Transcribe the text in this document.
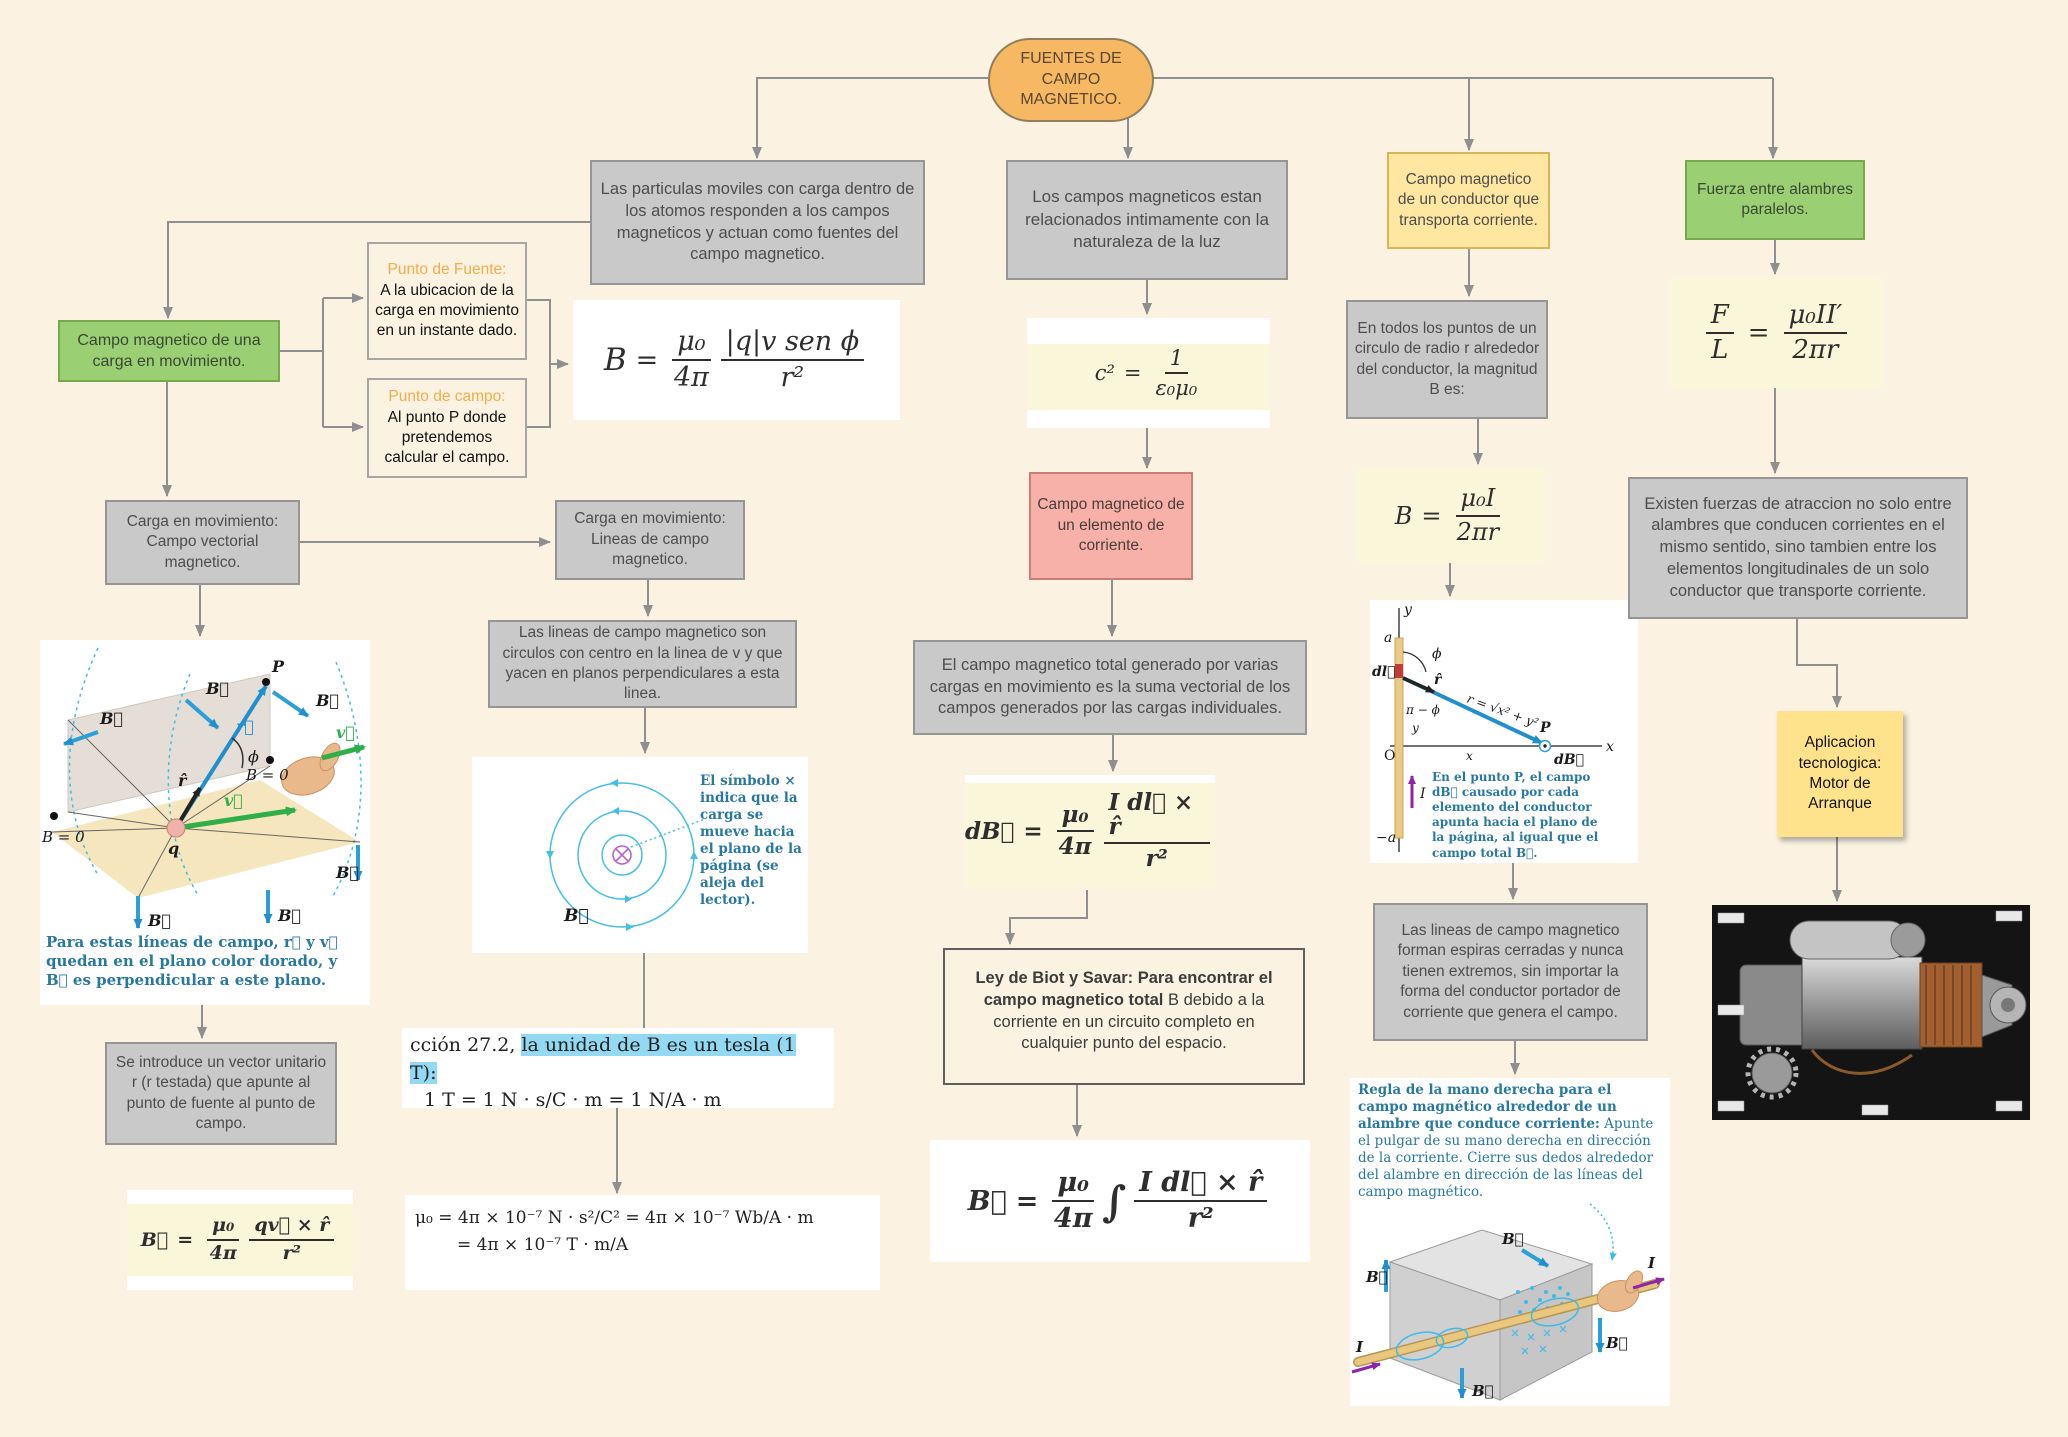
FUENTES DE CAMPO MAGNETICO.
Las particulas moviles con carga dentro de los atomos responden a los campos magneticos y actuan como fuentes del campo magnetico.
Los campos magneticos estan relacionados intimamente con la naturaleza de la luz
Campo magnetico de un conductor que transporta corriente.
Fuerza entre alambres paralelos.
Campo magnetico de una carga en movimiento.
Punto de Fuente:
A la ubicacion de la carga en movimiento en un instante dado.
Punto de campo:
Al punto P donde pretendemos calcular el campo.
$B = \frac{\text{μ₀}}{4\pi} \frac{\text{|q|v sen ϕ}}{\text{r²}}$
Carga en movimiento: Campo vectorial magnetico.
Carga en movimiento: Lineas de campo magnetico.
B⃗
B⃗
B⃗
B⃗	B⃗
B⃗
r⃗
r̂
v⃗
v⃗
ϕ
q
P
B = 0
B = 0
Para estas líneas de campo, r⃗ y v⃗ quedan en el plano color dorado, y B⃗ es perpendicular a este plano.
Se introduce un vector unitario r (r testada) que apunte al punto de fuente al punto de campo.
B⃗ = $\frac{\text{μ₀}}{4\pi} \frac{qv⃗ \times r̂}{\text{r²}}$
Las lineas de campo magnetico son circulos con centro en la linea de v y que yacen en planos perpendiculares a esta linea.
B⃗
El símbolo × indica que la carga se mueve hacia el plano de la página (se aleja del lector).
cción 27.2, la unidad de B es un tesla (1 T):
1 T = 1 N · s/C · m = 1 N/A · m
μ₀ = 4π × 10⁻⁷ N · s²/C² = 4π × 10⁻⁷ Wb/A · m
= 4π × 10⁻⁷ T · m/A
$c^2 = \frac{1}{\text{ε₀μ₀}}$
Campo magnetico de un elemento de corriente.
El campo magnetico total generado por varias cargas en movimiento es la suma vectorial de los campos generados por las cargas individuales.
dB⃗ = $\frac{\text{μ₀}}{4\pi} \frac{\text{I dl⃗ × r̂}}{\text{r²}}$
Ley de Biot y Savar: Para encontrar el campo magnetico total B debido a la corriente en un circuito completo en cualquier punto del espacio.
B⃗ = $\frac{\text{μ₀}}{4\pi}$ ∫ $\frac{\text{I dl⃗ × r̂}}{\text{r²}}$
En todos los puntos de un circulo de radio r alrededor del conductor, la magnitud B es:
$B = \frac{\text{μ₀I}}{2\pi r}$
y
x
O
a
−a
dl⃗	r̂
ϕ
π − ϕ
y
x
r = √x² + y² P
dB⃗
I
En el punto P, el campo dB⃗ causado por cada elemento del conductor apunta hacia el plano de la página, al igual que el campo total B⃗.
Las lineas de campo magnetico forman espiras cerradas y nunca tienen extremos, sin importar la forma del conductor portador de corriente que genera el campo.
Regla de la mano derecha para el campo magnético alrededor de un alambre que conduce corriente: Apunte el pulgar de su mano derecha en dirección de la corriente. Cierre sus dedos alrededor del alambre en dirección de las líneas del campo magnético.
B⃗
B⃗
B⃗
B⃗
I
I
Existen fuerzas de atraccion no solo entre alambres que conducen corrientes en el mismo sentido, sino tambien entre los elementos longitudinales de un solo conductor que transporte corriente.
$\frac{F}{L} = \frac{\text{μ₀II′}}{2\pi r}$
Aplicacion tecnologica: Motor de Arranque
